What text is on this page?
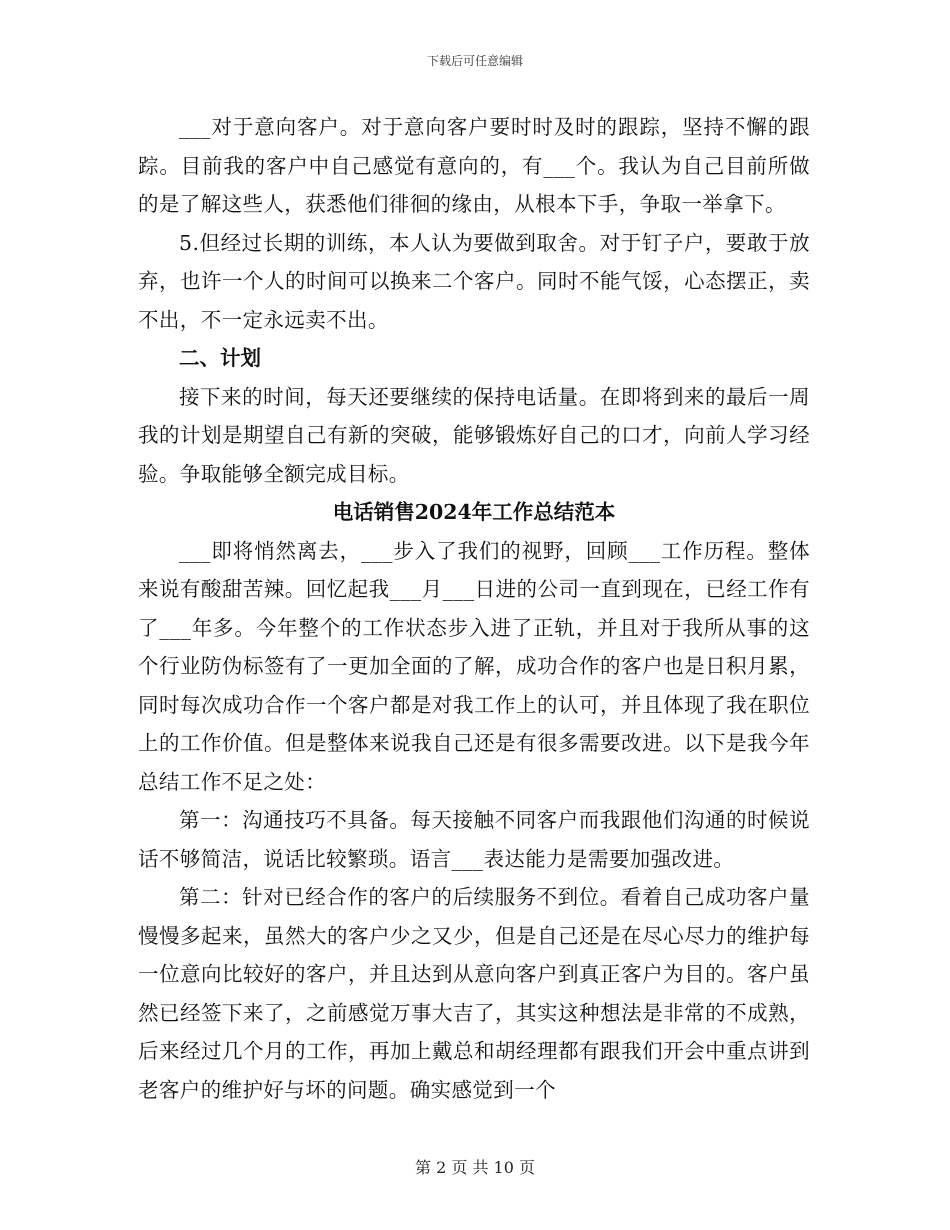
下载后可任意编辑

___对于意向客户。对于意向客户要时时及时的跟踪，坚持不懈的跟踪。目前我的客户中自己感觉有意向的，有___个。我认为自己目前所做的是了解这些人，获悉他们徘徊的缘由，从根本下手，争取一举拿下。

5.但经过长期的训练，本人认为要做到取舍。对于钉子户，要敢于放弃，也许一个人的时间可以换来二个客户。同时不能气馁，心态摆正，卖不出，不一定永远卖不出。

二、计划

接下来的时间，每天还要继续的保持电话量。在即将到来的最后一周我的计划是期望自己有新的突破，能够锻炼好自己的口才，向前人学习经验。争取能够全额完成目标。

电话销售2024年工作总结范本

___即将悄然离去，___步入了我们的视野，回顾___工作历程。整体来说有酸甜苦辣。回忆起我___月___日进的公司一直到现在，已经工作有了___年多。今年整个的工作状态步入进了正轨，并且对于我所从事的这个行业防伪标签有了一更加全面的了解，成功合作的客户也是日积月累，同时每次成功合作一个客户都是对我工作上的认可，并且体现了我在职位上的工作价值。但是整体来说我自己还是有很多需要改进。以下是我今年总结工作不足之处：

第一：沟通技巧不具备。每天接触不同客户而我跟他们沟通的时候说话不够简洁，说话比较繁琐。语言___表达能力是需要加强改进。

第二：针对已经合作的客户的后续服务不到位。看着自己成功客户量慢慢多起来，虽然大的客户少之又少，但是自己还是在尽心尽力的维护每一位意向比较好的客户，并且达到从意向客户到真正客户为目的。客户虽然已经签下来了，之前感觉万事大吉了，其实这种想法是非常的不成熟，后来经过几个月的工作，再加上戴总和胡经理都有跟我们开会中重点讲到老客户的维护好与坏的问题。确实感觉到一个

第 2 页 共 10 页
